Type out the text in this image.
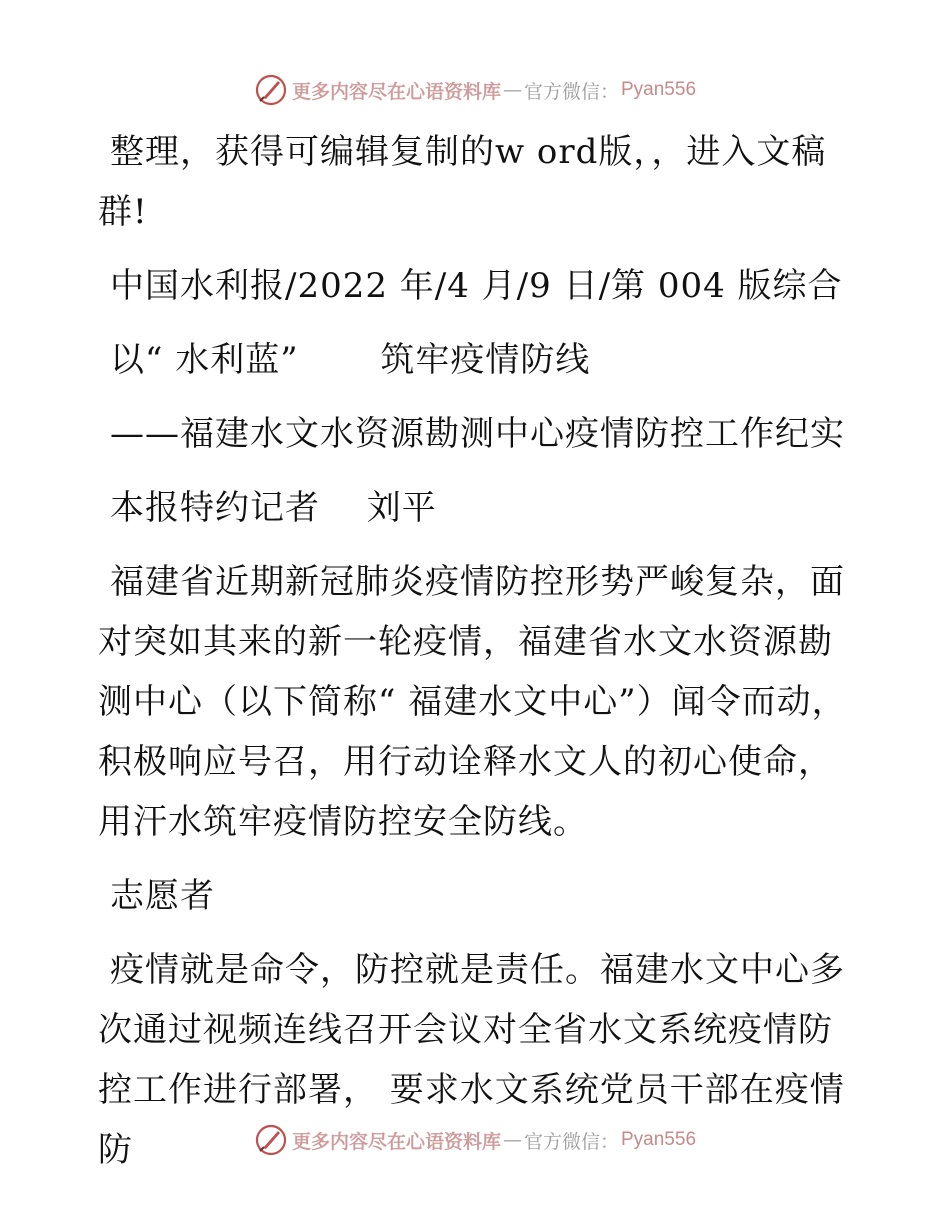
更多内容尽在心语资料库 — 官方微信： Pyan556
整理，获得可编辑复制的w ord版，，进入文稿群!
中国水利报/2022 年/4 月/9 日/第 004 版综合
以“ 水利蓝”　　 筑牢疫情防线
——福建水文水资源勘测中心疫情防控工作纪实
本报特约记者　 刘平
福建省近期新冠肺炎疫情防控形势严峻复杂，面对突如其来的新一轮疫情，福建省水文水资源勘测中心（以下简称“ 福建水文中心”）闻令而动，积极响应号召，用行动诠释水文人的初心使命，用汗水筑牢疫情防控安全防线。
志愿者
疫情就是命令，防控就是责任。福建水文中心多次通过视频连线召开会议对全省水文系统疫情防控工作进行部署， 要求水文系统党员干部在疫情防	更多内容尽在心语资料库 — 官方微信： Pyan556
